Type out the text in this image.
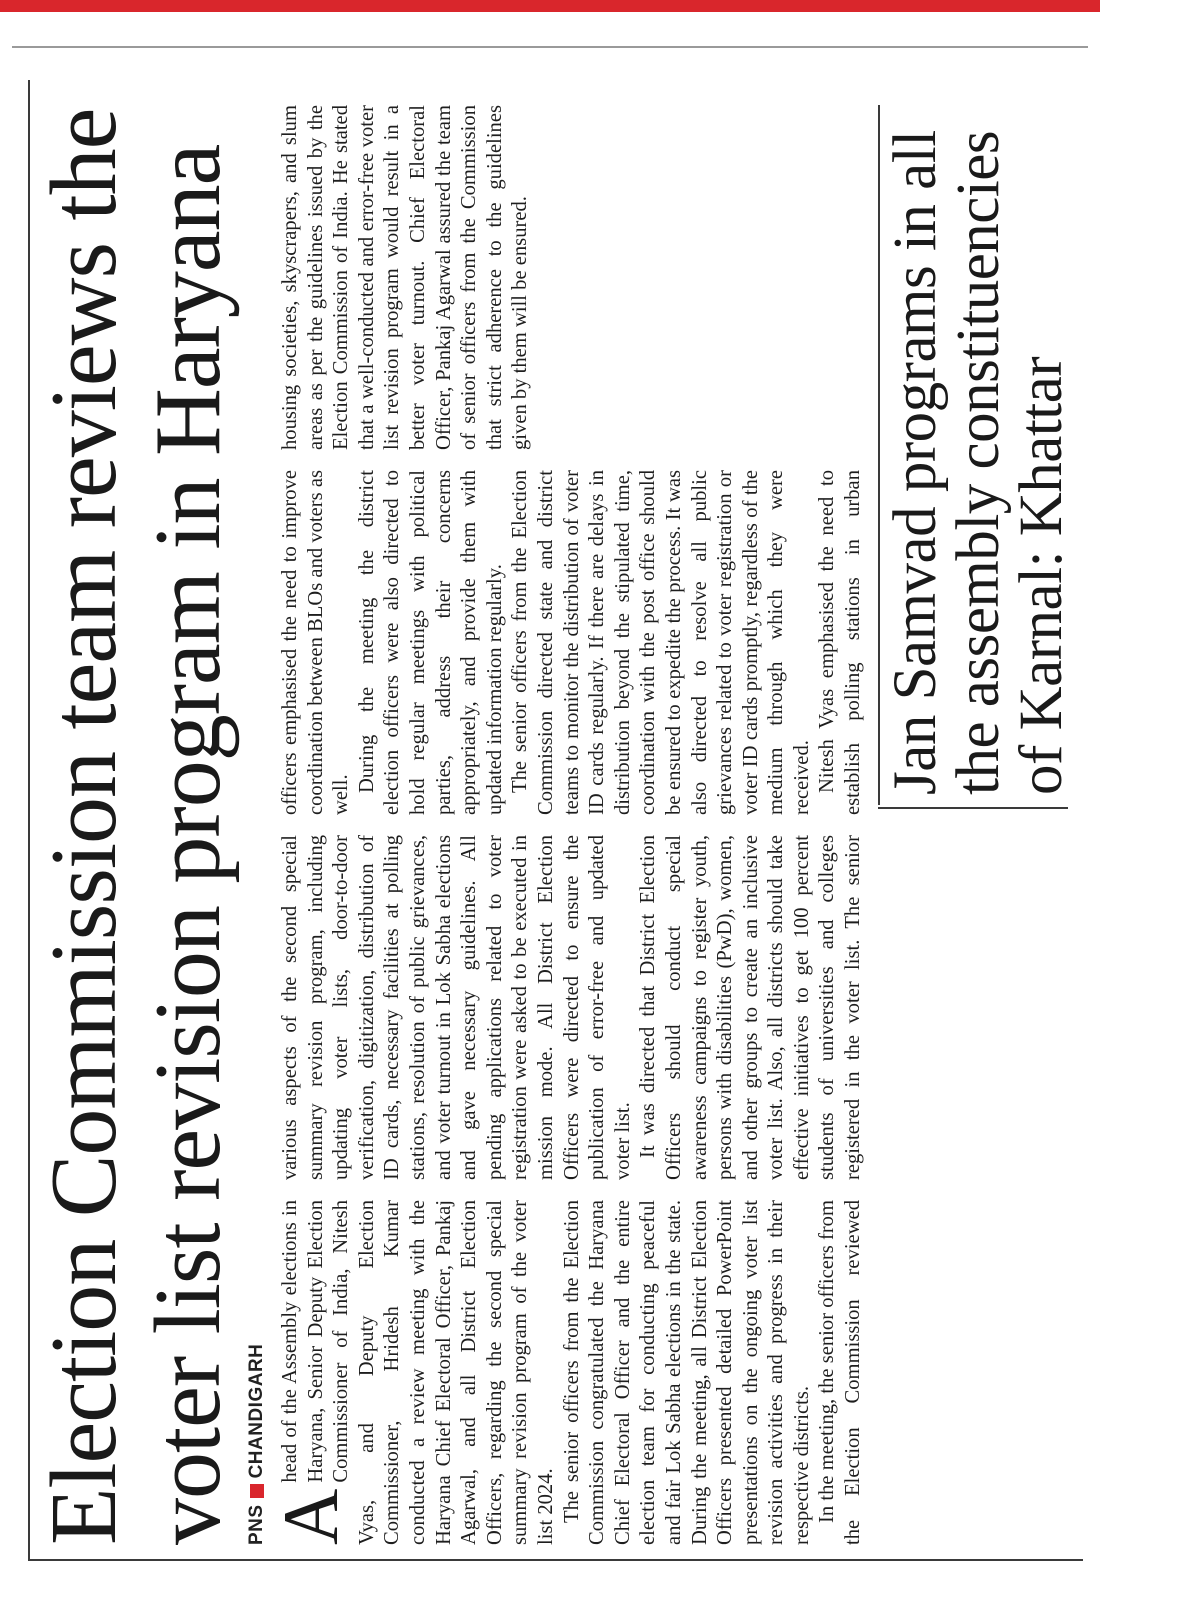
Election Commission team reviews the voter list revision program in Haryana PNS
CHANDIGARH

A
head of the Assembly elections in Haryana, Senior Deputy Election Commissioner of India, Nitesh Vyas, and Deputy Election Commissioner, Hridesh Kumar conducted a review meeting with the Haryana Chief Electoral Officer, Pankaj Agarwal, and all District Election Officers, regarding the second special summary revision program of the voter list 2024. The senior officers from the Election Commission congratulated the Haryana Chief Electoral Officer and the entire election team for conducting peaceful and fair Lok Sabha elections in the state. During the meeting, all District Election Officers presented detailed PowerPoint presentations on the ongoing voter list revision activities and progress in their respective districts. In the meeting, the senior officers from the Election Commission reviewed various aspects of the second special summary revision program, including updating voter lists, door-to-door verification, digitization, distribution of ID cards, necessary facilities at polling stations, resolution of public grievances, and voter turnout in Lok Sabha elections and gave necessary guidelines. All pending applications related to voter registration were asked to be executed in mission mode. All District Election Officers were directed to ensure the publication of error-free and updated voter list. It was directed that District Election Officers should conduct special awareness campaigns to register youth, persons with disabilities (PwD), women, and other groups to create an inclusive voter list. Also, all districts should take effective initiatives to get 100 percent students of universities and colleges registered in the voter list. The senior officers emphasised the need to improve coordination between BLOs and voters as well.

During the meeting the district election officers were also directed to hold regular meetings with political parties, address their concerns appropriately, and provide them with updated information regularly. The senior officers from the Election Commission directed state and district teams to monitor the distribution of voter ID cards regularly. If there are delays in distribution beyond the stipulated time, coordination with the post office should be ensured to expedite the process. It was also directed to resolve all public grievances related to voter registration or voter ID cards promptly, regardless of the medium through which they were received. Nitesh Vyas emphasised the need to establish polling stations in urban housing societies, skyscrapers, and slum areas as per the guidelines issued by the Election Commission of India. He stated that a well-conducted and error-free voter list revision program would result in a better voter turnout. Chief Electoral Officer, Pankaj Agarwal assured the team of senior officers from the Commission that strict adherence to the guidelines given by them will be ensured.	Jan Samvad programs in all the assembly constituencies of Karnal: Khattar
